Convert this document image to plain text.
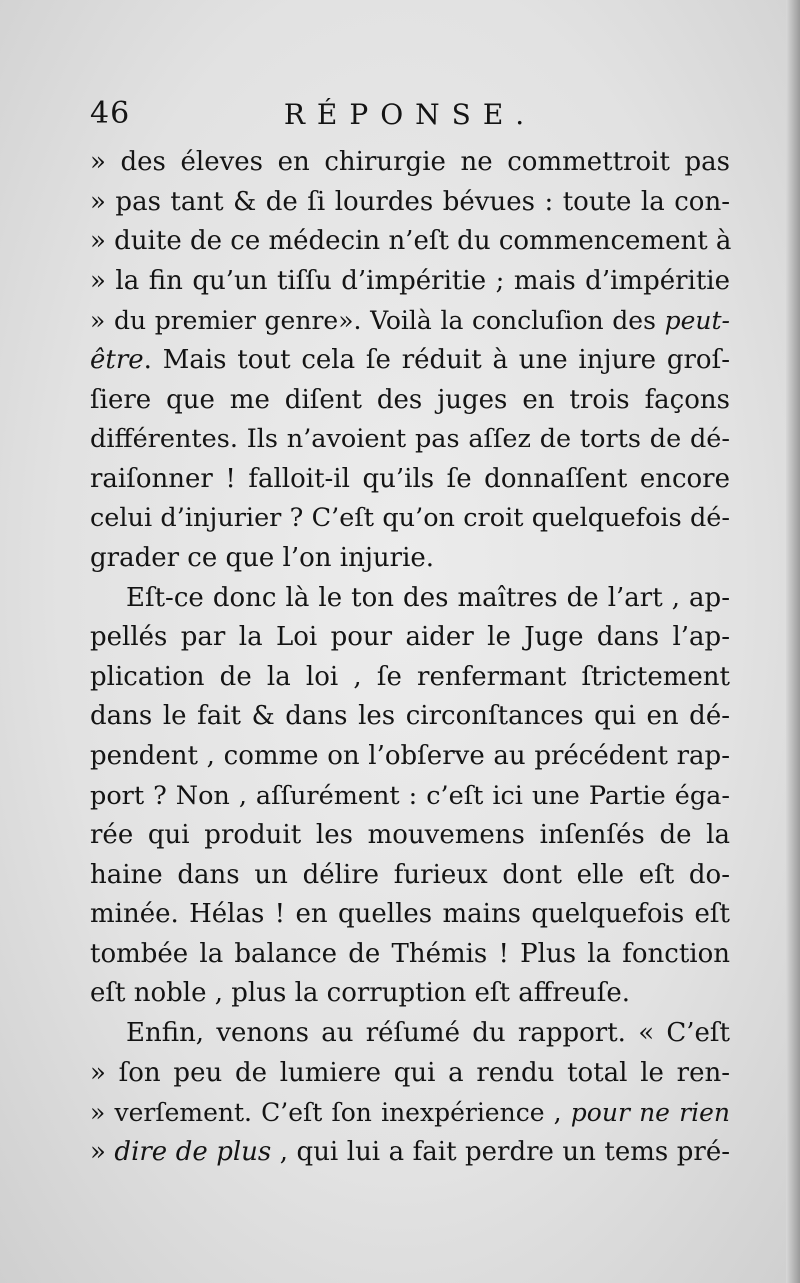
46	RÉPONSE.
» des éleves en chirurgie ne commettroit pas
» pas tant & de ſi lourdes bévues : toute la con-
» duite de ce médecin n’eſt du commencement à
» la fin qu’un tiſſu d’impéritie ; mais d’impéritie
» du premier genre». Voilà la concluſion des peut-
être. Mais tout cela ſe réduit à une injure groſ-
ſiere que me diſent des juges en trois façons
différentes. Ils n’avoient pas aſſez de torts de dé-
raiſonner ! falloit-il qu’ils ſe donnaſſent encore
celui d’injurier ? C’eſt qu’on croit quelquefois dé-
grader ce que l’on injurie.
Eſt-ce donc là le ton des maîtres de l’art , ap-
pellés par la Loi pour aider le Juge dans l’ap-
plication de la loi , ſe renfermant ſtrictement
dans le fait & dans les circonſtances qui en dé-
pendent , comme on l’obſerve au précédent rap-
port ? Non , aſſurément : c’eſt ici une Partie éga-
rée qui produit les mouvemens inſenſés de la
haine dans un délire furieux dont elle eſt do-
minée. Hélas ! en quelles mains quelquefois eſt
tombée la balance de Thémis ! Plus la fonction
eſt noble , plus la corruption eſt affreuſe.
Enfin, venons au réſumé du rapport. « C’eſt
» ſon peu de lumiere qui a rendu total le ren-
» verſement. C’eſt ſon inexpérience , pour ne rien
» dire de plus , qui lui a fait perdre un tems pré-
